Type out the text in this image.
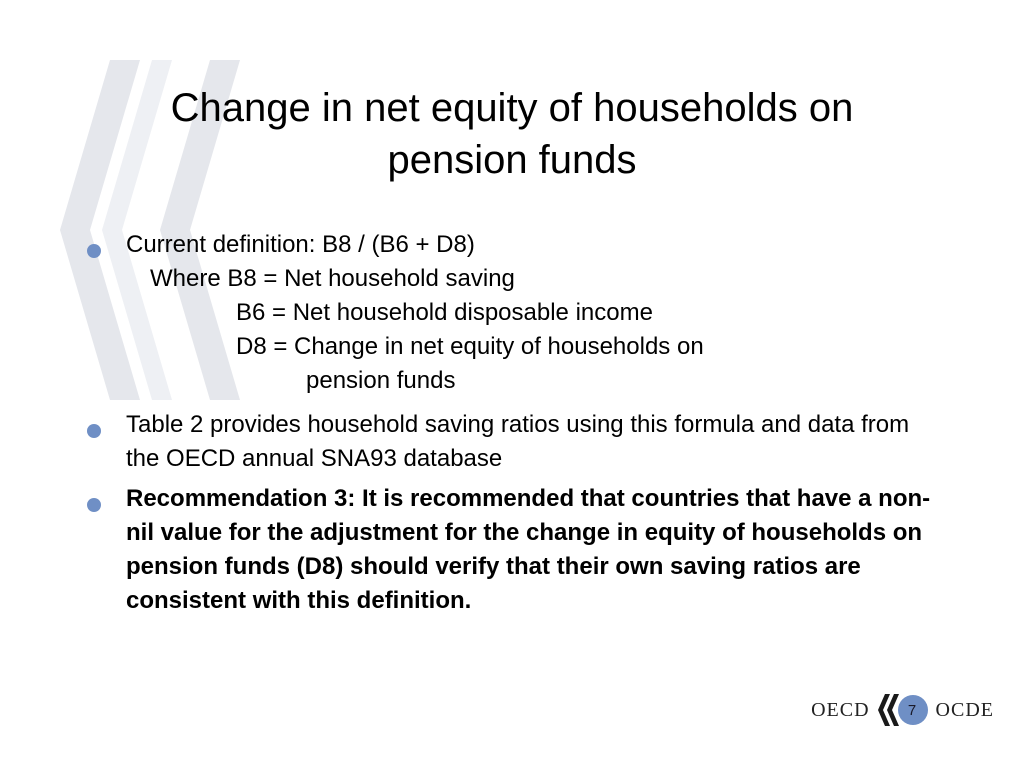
Change in net equity of households on pension funds
Current definition: B8 / (B6 + D8)
Where B8 = Net household saving
B6 = Net household disposable income
D8 = Change in net equity of households on
pension funds
Table 2 provides household saving ratios using this formula and data from the OECD annual SNA93 database
Recommendation 3: It is recommended that countries that have a non-nil value for the adjustment for the change in equity of households on pension funds (D8) should verify that their own saving ratios are consistent with this definition.
OECD	7 OCDE
